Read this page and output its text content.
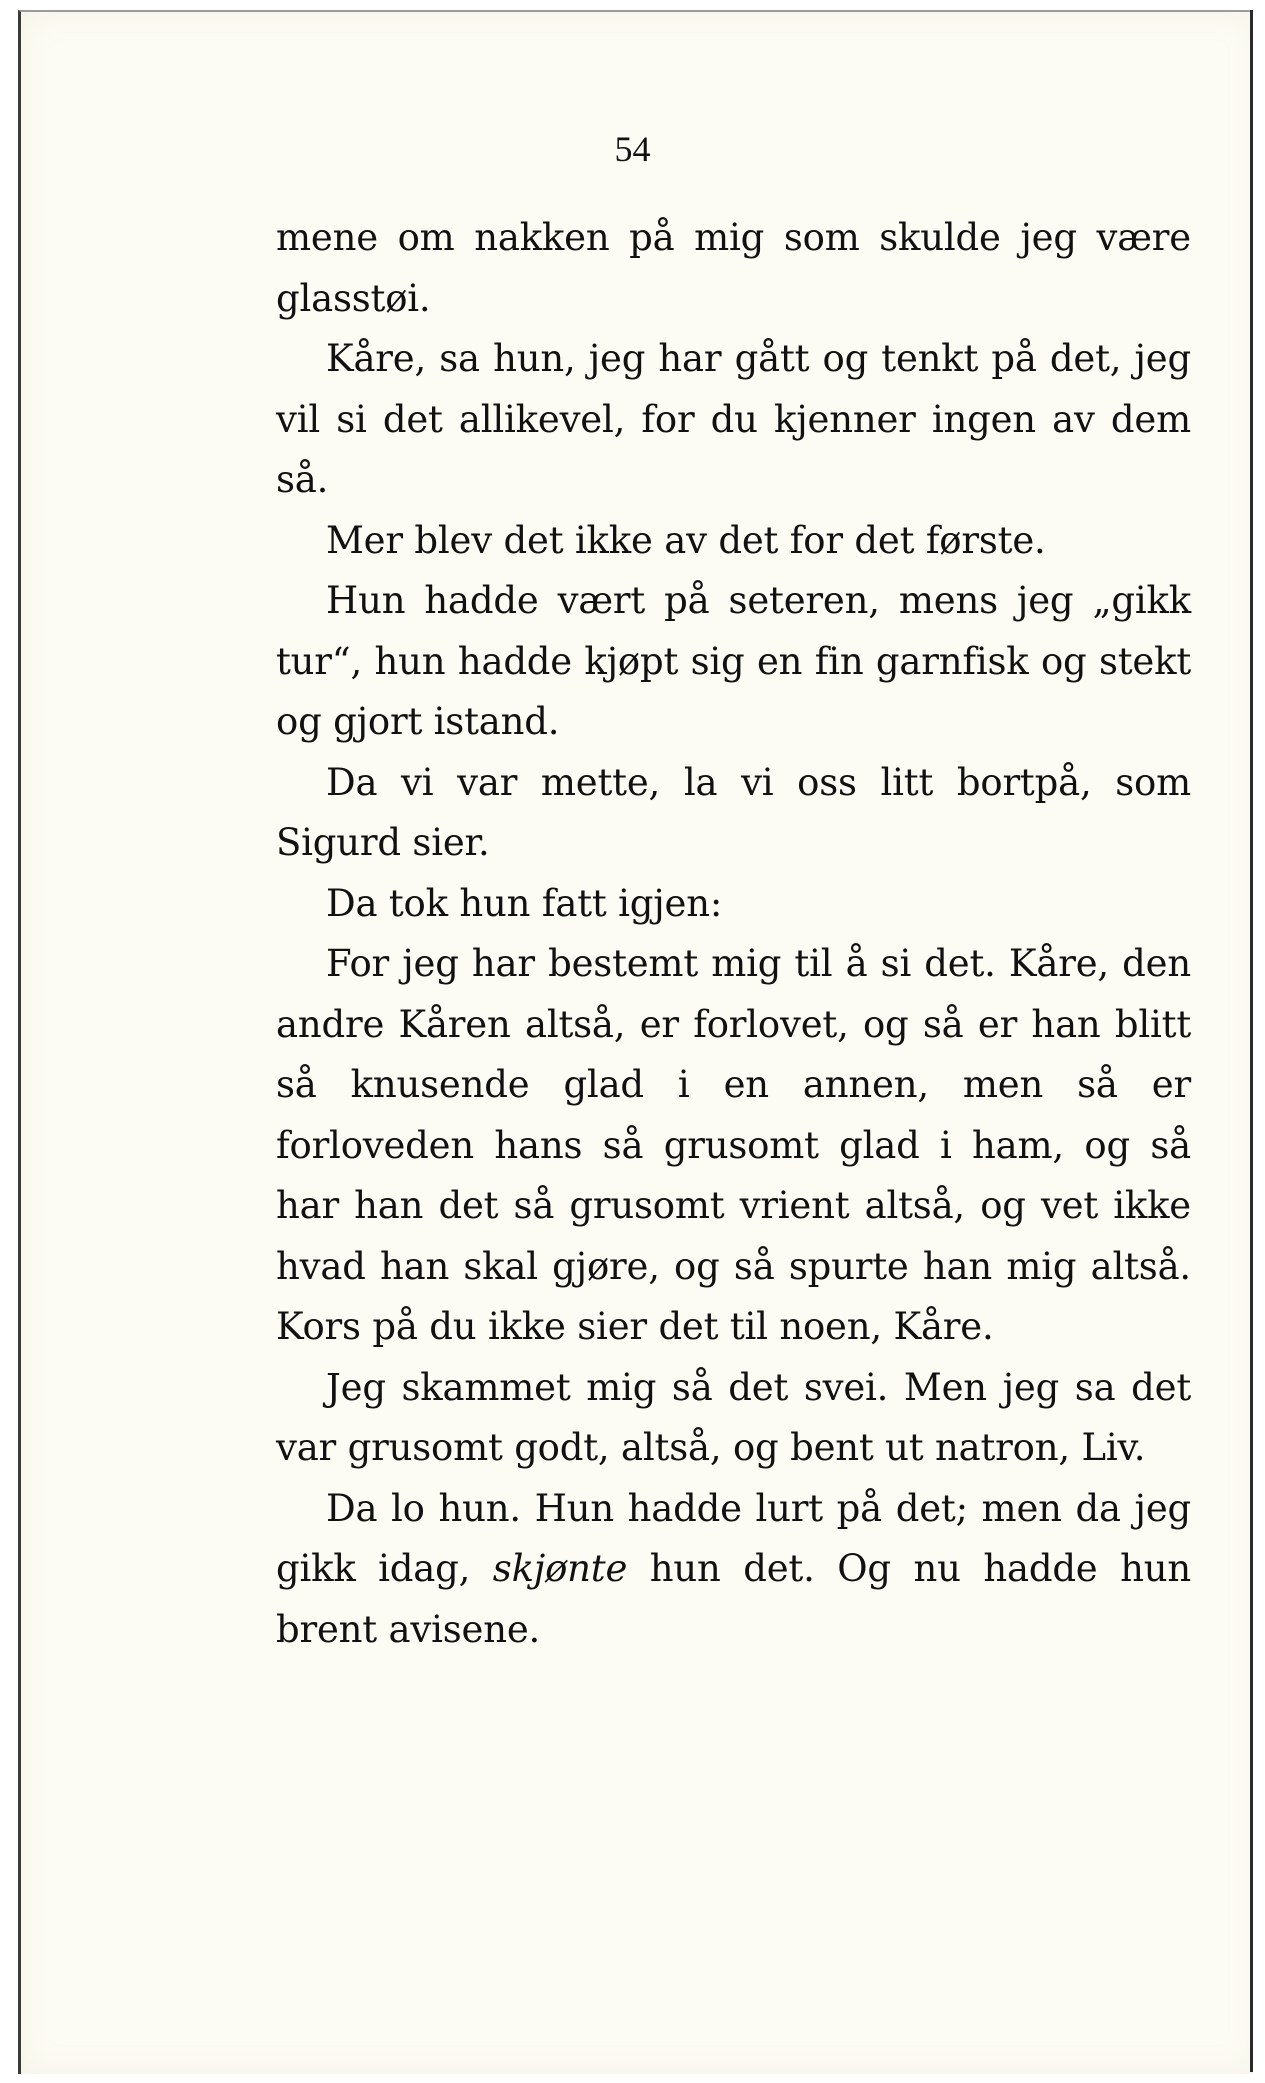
54

mene om nakken på mig som skulde jeg være glasstøi.

Kåre, sa hun, jeg har gått og tenkt på det, jeg vil si det allikevel, for du kjenner ingen av dem så.

Mer blev det ikke av det for det første.

Hun hadde vært på seteren, mens jeg „gikk tur“, hun hadde kjøpt sig en fin garnfisk og stekt og gjort istand.

Da vi var mette, la vi oss litt bortpå, som Sigurd sier.

Da tok hun fatt igjen:

For jeg har bestemt mig til å si det. Kåre, den andre Kåren altså, er forlovet, og så er han blitt så knusende glad i en annen, men så er forloveden hans så grusomt glad i ham, og så har han det så grusomt vrient altså, og vet ikke hvad han skal gjøre, og så spurte han mig altså. Kors på du ikke sier det til noen, Kåre.

Jeg skammet mig så det svei. Men jeg sa det var grusomt godt, altså, og bent ut natron, Liv.

Da lo hun. Hun hadde lurt på det; men da jeg gikk idag, skjønte hun det. Og nu hadde hun brent avisene.
